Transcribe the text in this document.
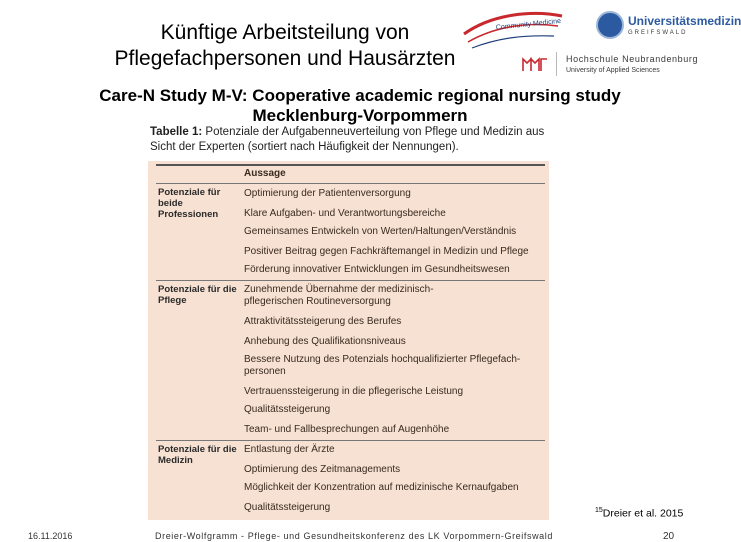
Künftige Arbeitsteilung von
Pflegefachpersonen und Hausärzten
Community Medicine	Universitätsmedizin
GREIFSWALD
Hochschule Neubrandenburg
University of Applied Sciences
Care-N Study M-V: Cooperative academic regional nursing study
Mecklenburg-Vorpommern
Tabelle 1: Potenziale der Aufgabenneuverteilung von Pflege und Medizin aus Sicht der Experten (sortiert nach Häufigkeit der Nennungen).
Aussage
Potenziale für beide Professionen
Optimierung der Patientenversorgung
Klare Aufgaben- und Verantwortungsbereiche
Gemeinsames Entwickeln von Werten/Haltungen/Verständnis
Positiver Beitrag gegen Fachkräftemangel in Medizin und Pflege
Förderung innovativer Entwicklungen im Gesundheitswesen
Potenziale für die Pflege
Zunehmende Übernahme der medizinisch-pflegerischen Routineversorgung
Attraktivitätssteigerung des Berufes
Anhebung des Qualifikationsniveaus
Bessere Nutzung des Potenzials hochqualifizierter Pflegefach-personen
Vertrauenssteigerung in die pflegerische Leistung
Qualitätssteigerung
Team- und Fallbesprechungen auf Augenhöhe
Potenziale für die Medizin
Entlastung der Ärzte
Optimierung des Zeitmanagements
Möglichkeit der Konzentration auf medizinische Kernaufgaben
Qualitätssteigerung	$^{15}$Dreier et al. 2015
16.11.2016	Dreier-Wolfgramm - Pflege- und Gesundheitskonferenz des LK Vorpommern-Greifswald	20
